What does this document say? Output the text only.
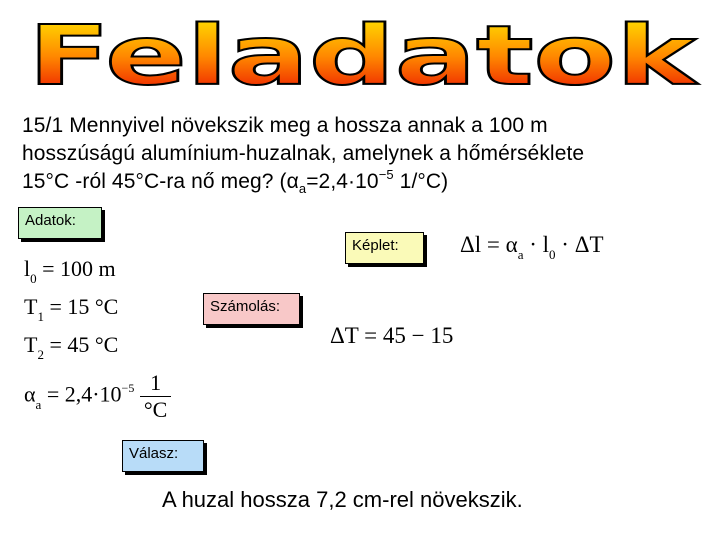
Feladatok
15/1 Mennyivel növekszik meg a hossza annak a 100 m
hosszúságú alumínium-huzalnak, amelynek a hőmérséklete
15°C -ról 45°C-ra nő meg? ($\alpha_a=2,4\cdot 10^{-5}$ 1/°C)
Adatok:
Képlet:
Számolás:
Válasz:
$l_0 = 100$ m
$T_1 = 15$ °C
$T_2 = 45$ °C
$\alpha_a = 2,4\cdot 10^{-5} \frac{1}{^\circ C}$
$\Delta l = \alpha_a \cdot l_0 \cdot \Delta T$
ΔT = 45 − 15
A huzal hossza 7,2 cm-rel növekszik.
